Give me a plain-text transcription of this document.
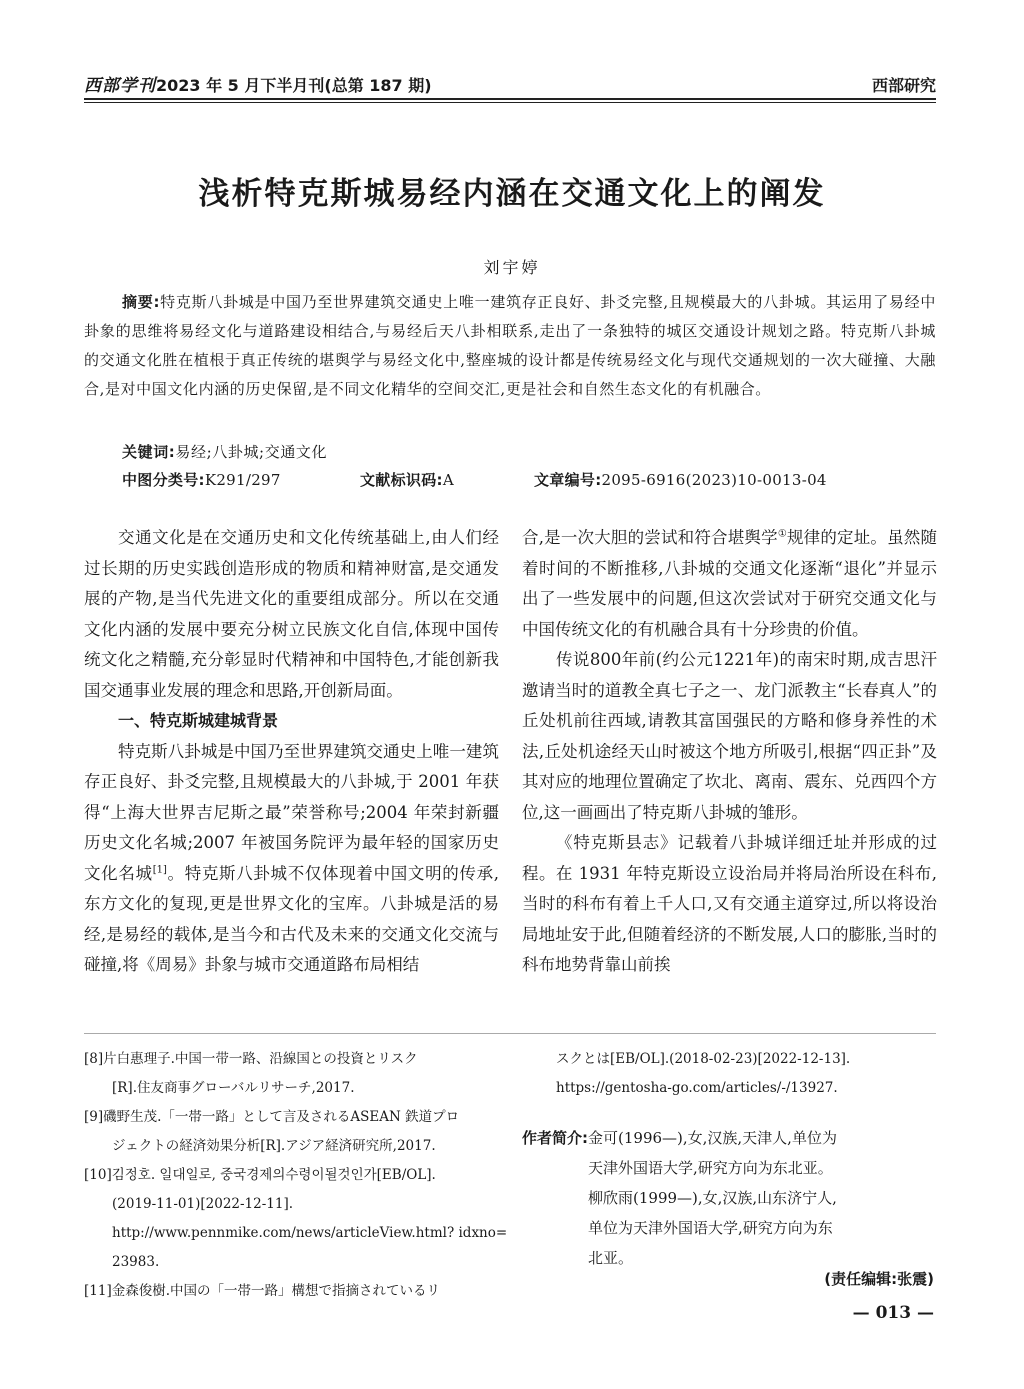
西部学刊2023 年 5 月下半月刊(总第 187 期)	西部研究
浅析特克斯城易经内涵在交通文化上的阐发
刘宇婷
摘要:特克斯八卦城是中国乃至世界建筑交通史上唯一建筑存正良好、卦爻完整,且规模最大的八卦城。其运用了易经中卦象的思维将易经文化与道路建设相结合,与易经后天八卦相联系,走出了一条独特的城区交通设计规划之路。特克斯八卦城的交通文化胜在植根于真正传统的堪舆学与易经文化中,整座城的设计都是传统易经文化与现代交通规划的一次大碰撞、大融合,是对中国文化内涵的历史保留,是不同文化精华的空间交汇,更是社会和自然生态文化的有机融合。
关键词:易经;八卦城;交通文化
中图分类号:K291/297	文献标识码:A	文章编号:2095-6916(2023)10-0013-04

交通文化是在交通历史和文化传统基础上,由人们经过长期的历史实践创造形成的物质和精神财富,是交通发展的产物,是当代先进文化的重要组成部分。所以在交通文化内涵的发展中要充分树立民族文化自信,体现中国传统文化之精髓,充分彰显时代精神和中国特色,才能创新我国交通事业发展的理念和思路,开创新局面。

一、特克斯城建城背景

特克斯八卦城是中国乃至世界建筑交通史上唯一建筑存正良好、卦爻完整,且规模最大的八卦城,于 2001 年获得“上海大世界吉尼斯之最”荣誉称号;2004 年荣封新疆历史文化名城;2007 年被国务院评为最年轻的国家历史文化名城[1]。特克斯八卦城不仅体现着中国文明的传承,东方文化的复现,更是世界文化的宝库。八卦城是活的易经,是易经的载体,是当今和古代及未来的交通文化交流与碰撞,将《周易》卦象与城市交通道路布局相结

合,是一次大胆的尝试和符合堪舆学①规律的定址。虽然随着时间的不断推移,八卦城的交通文化逐渐“退化”并显示出了一些发展中的问题,但这次尝试对于研究交通文化与中国传统文化的有机融合具有十分珍贵的价值。

传说800年前(约公元1221年)的南宋时期,成吉思汗邀请当时的道教全真七子之一、龙门派教主“长春真人”的丘处机前往西域,请教其富国强民的方略和修身养性的术法,丘处机途经天山时被这个地方所吸引,根据“四正卦”及其对应的地理位置确定了坎北、离南、震东、兑西四个方位,这一画画出了特克斯八卦城的雏形。

《特克斯县志》记载着八卦城详细迁址并形成的过程。在 1931 年特克斯设立设治局并将局治所设在科布,当时的科布有着上千人口,又有交通主道穿过,所以将设治局地址安于此,但随着经济的不断发展,人口的膨胀,当时的科布地势背靠山前挨

[8]片白惠理子.中国一带一路、沿線国との投資とリスク
[R].住友商事グローバルリサーチ,2017.
[9]磯野生茂.「一帯一路」として言及されるASEAN 鉄道プロ
ジェクトの経済効果分析[R].アジア経済研究所,2017.
[10]김정호. 일대일로, 중국경제의수령이될것인가[EB/OL].
(2019-11-01)[2022-12-11].
http://www.pennmike.com/news/articleView.html? idxno=
23983.
[11]金森俊樹.中国の「一帯一路」構想で指摘されているリ
スクとは[EB/OL].(2018-02-23)[2022-12-13].
https://gentosha-go.com/articles/-/13927.
作者简介: 金可(1996—),女,汉族,天津人,单位为
天津外国语大学,研究方向为东北亚。
柳欣雨(1999—),女,汉族,山东济宁人,
单位为天津外国语大学,研究方向为东
北亚。
(责任编辑:张震)
— 013 —
